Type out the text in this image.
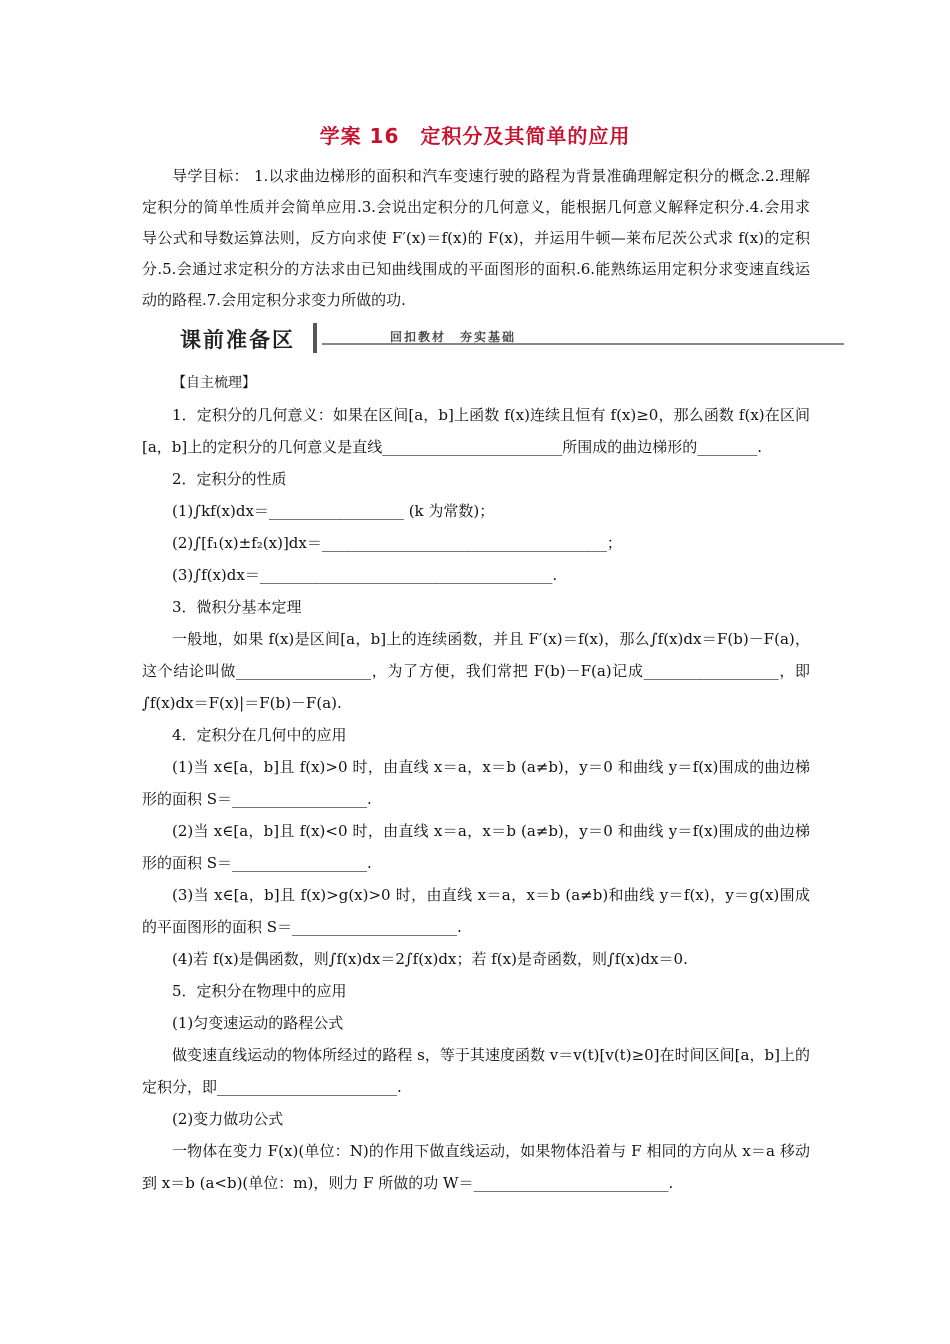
学案 16　定积分及其简单的应用

导学目标： 1.以求曲边梯形的面积和汽车变速行驶的路程为背景准确理解定积分的概念.2.理解定积分的简单性质并会简单应用.3.会说出定积分的几何意义，能根据几何意义解释定积分.4.会用求导公式和导数运算法则，反方向求使 F′(x)＝f(x)的 F(x)，并运用牛顿—莱布尼茨公式求 f(x)的定积分.5.会通过求定积分的方法求由已知曲线围成的平面图形的面积.6.能熟练运用定积分求变速直线运动的路程.7.会用定积分求变力所做的功.

课前准备区	回扣教材　夯实基础

【自主梳理】

1．定积分的几何意义：如果在区间[a，b]上函数 f(x)连续且恒有 f(x)≥0，那么函数 f(x)在区间[a，b]上的定积分的几何意义是直线________________________所围成的曲边梯形的________.

2．定积分的性质

(1)∫kf(x)dx＝__________________ (k 为常数)；

(2)∫[f₁(x)±f₂(x)]dx＝______________________________________；

(3)∫f(x)dx＝_______________________________________.

3．微积分基本定理

一般地，如果 f(x)是区间[a，b]上的连续函数，并且 F′(x)＝f(x)，那么∫f(x)dx＝F(b)－F(a)，这个结论叫做__________________，为了方便，我们常把 F(b)－F(a)记成__________________，即∫f(x)dx＝F(x)|＝F(b)－F(a).

4．定积分在几何中的应用

(1)当 x∈[a，b]且 f(x)>0 时，由直线 x＝a，x＝b (a≠b)，y＝0 和曲线 y＝f(x)围成的曲边梯形的面积 S＝__________________.

(2)当 x∈[a，b]且 f(x)<0 时，由直线 x＝a，x＝b (a≠b)，y＝0 和曲线 y＝f(x)围成的曲边梯形的面积 S＝__________________.

(3)当 x∈[a，b]且 f(x)>g(x)>0 时，由直线 x＝a，x＝b (a≠b)和曲线 y＝f(x)，y＝g(x)围成的平面图形的面积 S＝______________________.

(4)若 f(x)是偶函数，则∫f(x)dx＝2∫f(x)dx；若 f(x)是奇函数，则∫f(x)dx＝0.

5．定积分在物理中的应用

(1)匀变速运动的路程公式

做变速直线运动的物体所经过的路程 s，等于其速度函数 v＝v(t)[v(t)≥0]在时间区间[a，b]上的定积分，即________________________.

(2)变力做功公式

一物体在变力 F(x)(单位：N)的作用下做直线运动，如果物体沿着与 F 相同的方向从 x＝a 移动到 x＝b (a<b)(单位：m)，则力 F 所做的功 W＝__________________________.
